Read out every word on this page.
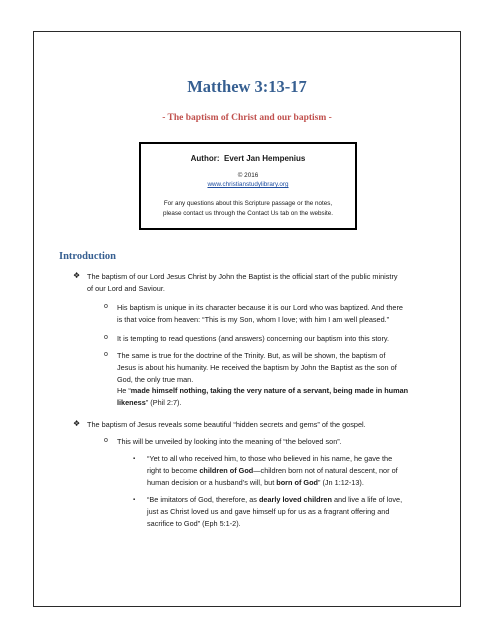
Matthew 3:13-17
- The baptism of Christ and our baptism -
Author: Evert Jan Hempenius
© 2016
www.christianstudylibrary.org
For any questions about this Scripture passage or the notes,
please contact us through the Contact Us tab on the website.
Introduction
❖ The baptism of our Lord Jesus Christ by John the Baptist is the official start of the public ministry

of our Lord and Saviour.

o His baptism is unique in its character because it is our Lord who was baptized. And there

is that voice from heaven: “This is my Son, whom I love; with him I am well pleased.”

o It is tempting to read questions (and answers) concerning our baptism into this story.

o The same is true for the doctrine of the Trinity. But, as will be shown, the baptism of

Jesus is about his humanity. He received the baptism by John the Baptist as the son of

God, the only true man.

He “made himself nothing, taking the very nature of a servant, being made in human

likeness” (Phil 2:7).

❖ The baptism of Jesus reveals some beautiful “hidden secrets and gems” of the gospel.

o This will be unveiled by looking into the meaning of “the beloved son”.

▪ “Yet to all who received him, to those who believed in his name, he gave the

right to become children of God—children born not of natural descent, nor of

human decision or a husband’s will, but born of God” (Jn 1:12-13).

▪ “Be imitators of God, therefore, as dearly loved children and live a life of love,

just as Christ loved us and gave himself up for us as a fragrant offering and

sacrifice to God” (Eph 5:1-2).
